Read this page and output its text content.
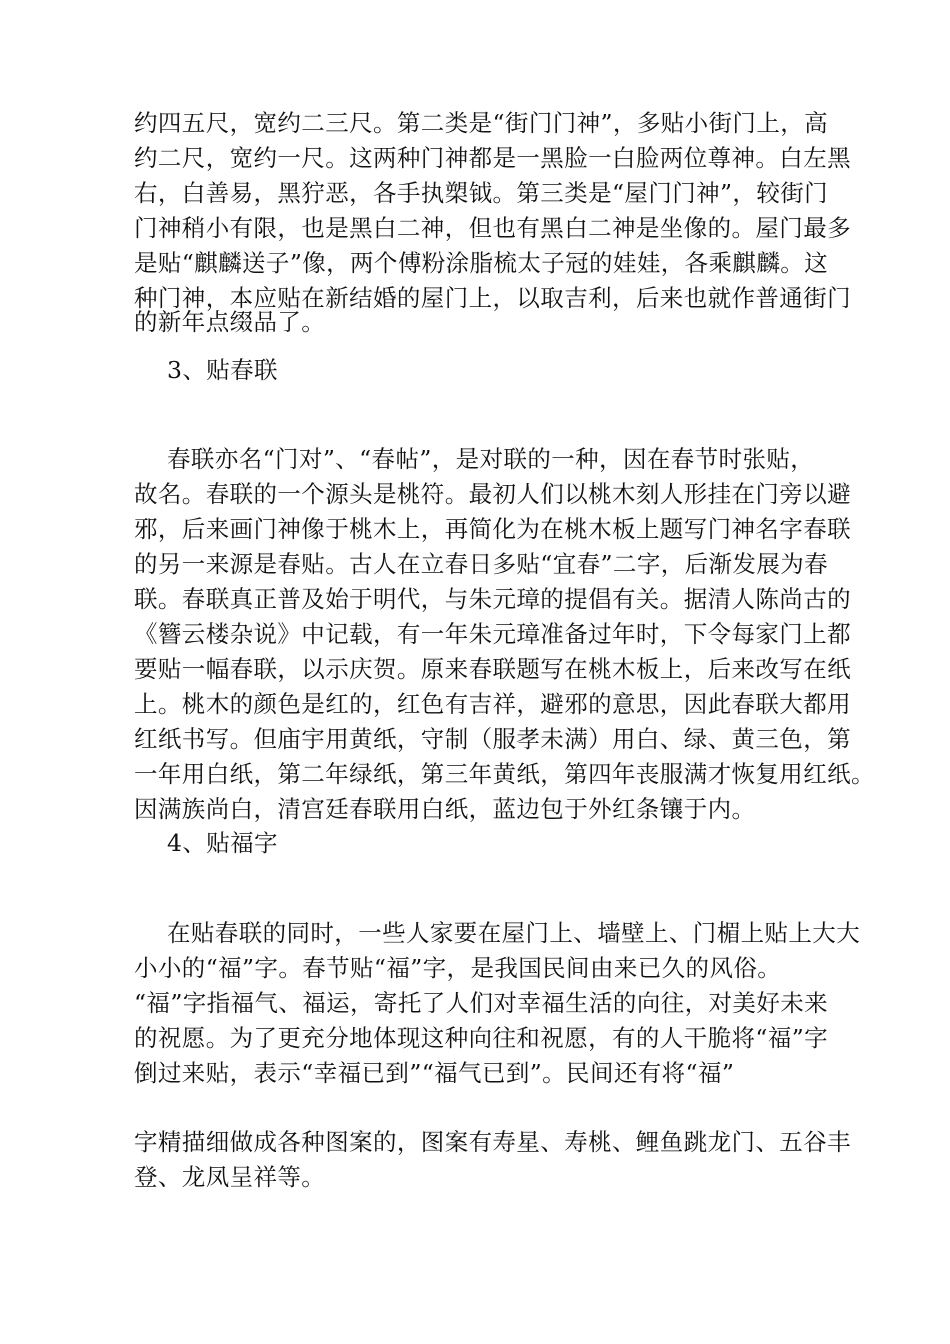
约四五尺，宽约二三尺。第二类是“街门门神”，多贴小街门上，高
约二尺，宽约一尺。这两种门神都是一黑脸一白脸两位尊神。白左黑
右，白善易，黑狞恶，各手执槊钺。第三类是“屋门门神”，较街门
门神稍小有限，也是黑白二神，但也有黑白二神是坐像的。屋门最多
是贴“麒麟送子”像，两个傅粉涂脂梳太子冠的娃娃，各乘麒麟。这
种门神，本应贴在新结婚的屋门上，以取吉利，后来也就作普通街门
的新年点缀品了。
3、贴春联
春联亦名“门对”、“春帖”，是对联的一种，因在春节时张贴，
故名。春联的一个源头是桃符。最初人们以桃木刻人形挂在门旁以避
邪，后来画门神像于桃木上，再简化为在桃木板上题写门神名字春联
的另一来源是春贴。古人在立春日多贴“宜春”二字，后渐发展为春
联。春联真正普及始于明代，与朱元璋的提倡有关。据清人陈尚古的
《簪云楼杂说》中记载，有一年朱元璋准备过年时，下令每家门上都
要贴一幅春联，以示庆贺。原来春联题写在桃木板上，后来改写在纸
上。桃木的颜色是红的，红色有吉祥，避邪的意思，因此春联大都用
红纸书写。但庙宇用黄纸，守制（服孝未满）用白、绿、黄三色，第
一年用白纸，第二年绿纸，第三年黄纸，第四年丧服满才恢复用红纸。
因满族尚白，清宫廷春联用白纸，蓝边包于外红条镶于内。
4、贴福字
在贴春联的同时，一些人家要在屋门上、墙壁上、门楣上贴上大大
小小的“福”字。春节贴“福”字，是我国民间由来已久的风俗。
“福”字指福气、福运，寄托了人们对幸福生活的向往，对美好未来
的祝愿。为了更充分地体现这种向往和祝愿，有的人干脆将“福”字
倒过来贴，表示“幸福已到”“福气已到”。民间还有将“福”
字精描细做成各种图案的，图案有寿星、寿桃、鲤鱼跳龙门、五谷丰
登、龙凤呈祥等。
